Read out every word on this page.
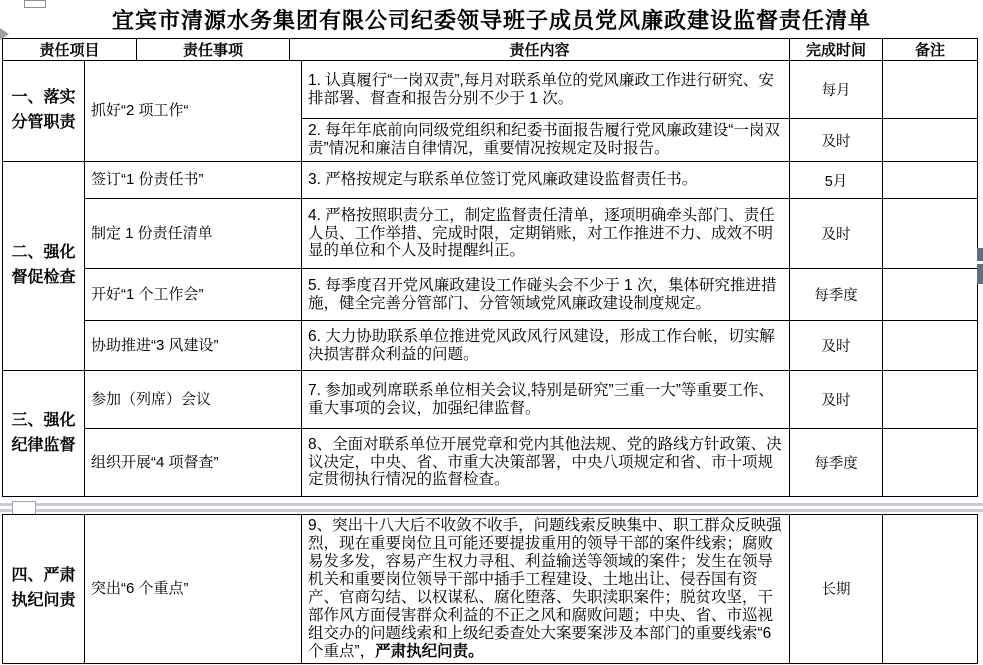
宜宾市清源水务集团有限公司纪委领导班子成员党风廉政建设监督责任清单
责任项目	责任事项	责任内容	完成时间	备注
一、落实分管职责	抓好“2 项工作“	1. 认真履行“一岗双责”,每月对联系单位的党风廉政工作进行研究、安排部署、督查和报告分别不少于 1 次。	每月	
		2. 每年年底前向同级党组织和纪委书面报告履行党风廉政建设“一岗双责”情况和廉洁自律情况，重要情况按规定及时报告。	及时	
二、强化督促检查	签订“1 份责任书”	3. 严格按规定与联系单位签订党风廉政建设监督责任书。	5月	
	制定 1 份责任清单	4. 严格按照职责分工，制定监督责任清单，逐项明确牵头部门、责任人员、工作举措、完成时限，定期销账，对工作推进不力、成效不明显的单位和个人及时提醒纠正。	及时	
	开好“1 个工作会”	5. 每季度召开党风廉政建设工作碰头会不少于 1 次，集体研究推进措施，健全完善分管部门、分管领域党风廉政建设制度规定。	每季度	
	协助推进“3 风建设”	6. 大力协助联系单位推进党风政风行风建设，形成工作台帐，切实解决损害群众利益的问题。	及时	
三、强化纪律监督	参加（列席）会议	7. 参加或列席联系单位相关会议,特别是研究”三重一大”等重要工作、重大事项的会议，加强纪律监督。	及时	
	组织开展“4 项督查”	8、全面对联系单位开展党章和党内其他法规、党的路线方针政策、决议决定，中央、省、市重大决策部署，中央八项规定和省、市十项规定贯彻执行情况的监督检查。	每季度	
四、严肃执纪问责	突出“6 个重点”	9、突出十八大后不收敛不收手，问题线索反映集中、职工群众反映强烈，现在重要岗位且可能还要提拔重用的领导干部的案件线索；腐败易发多发，容易产生权力寻租、利益输送等领域的案件；发生在领导机关和重要岗位领导干部中插手工程建设、土地出让、侵吞国有资产、官商勾结、以权谋私、腐化堕落、失职渎职案件；脱贫攻坚，干部作风方面侵害群众利益的不正之风和腐败问题；中央、省、市巡视组交办的问题线索和上级纪委查处大案要案涉及本部门的重要线索“6 个重点”，严肃执纪问责。	长期	
